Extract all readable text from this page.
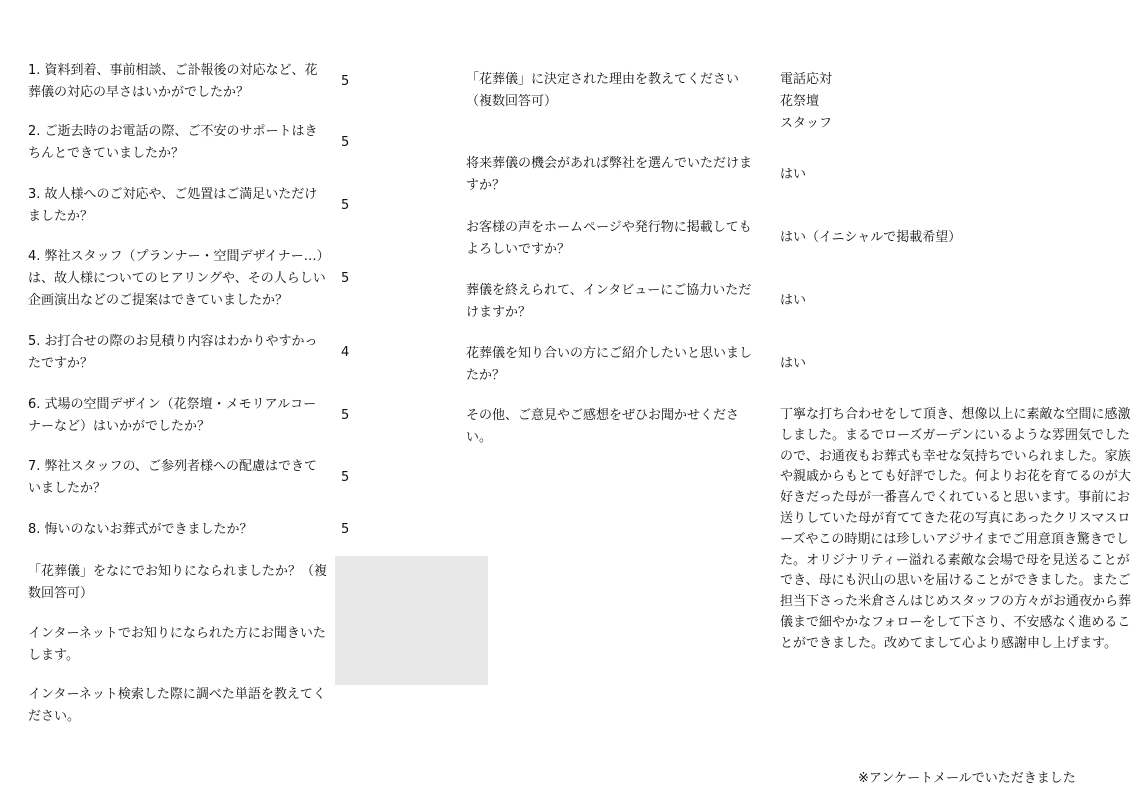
1. 資料到着、事前相談、ご訃報後の対応など、花葬儀の対応の早さはいかがでしたか？

5

2. ご逝去時のお電話の際、ご不安のサポートはきちんとできていましたか？

5

3. 故人様へのご対応や、ご処置はご満足いただけましたか？

5

4. 弊社スタッフ（プランナー・空間デザイナー…）は、故人様についてのヒアリングや、その人らしい企画演出などのご提案はできていましたか？

5

5. お打合せの際のお見積り内容はわかりやすかったですか？

4

6. 式場の空間デザイン（花祭壇・メモリアルコーナーなど）はいかがでしたか？

5

7. 弊社スタッフの、ご参列者様への配慮はできていましたか？

5

8. 悔いのないお葬式ができましたか？	5

「花葬儀」をなにでお知りになられましたか？（複数回答可）

インターネットでお知りになられた方にお聞きいたします。

インターネット検索した際に調べた単語を教えてください。

「花葬儀」に決定された理由を教えてください（複数回答可）

将来葬儀の機会があれば弊社を選んでいただけますか？

お客様の声をホームページや発行物に掲載してもよろしいですか？

葬儀を終えられて、インタビューにご協力いただけますか？

花葬儀を知り合いの方にご紹介したいと思いましたか？

その他、ご意見やご感想をぜひお聞かせください。

電話応対
花祭壇
スタッフ
はい
はい（イニシャルで掲載希望）
はい
はい

丁寧な打ち合わせをして頂き、想像以上に素敵な空間に感激しました。まるでローズガーデンにいるような雰囲気でしたので、お通夜もお葬式も幸せな気持ちでいられました。家族や親戚からもとても好評でした。何よりお花を育てるのが大好きだった母が一番喜んでくれていると思います。事前にお送りしていた母が育ててきた花の写真にあったクリスマスローズやこの時期には珍しいアジサイまでご用意頂き驚きでした。オリジナリティー溢れる素敵な会場で母を見送ることができ、母にも沢山の思いを届けることができました。またご担当下さった米倉さんはじめスタッフの方々がお通夜から葬儀まで細やかなフォローをして下さり、不安感なく進めることができました。改めてまして心より感謝申し上げます。

※アンケートメールでいただきました
